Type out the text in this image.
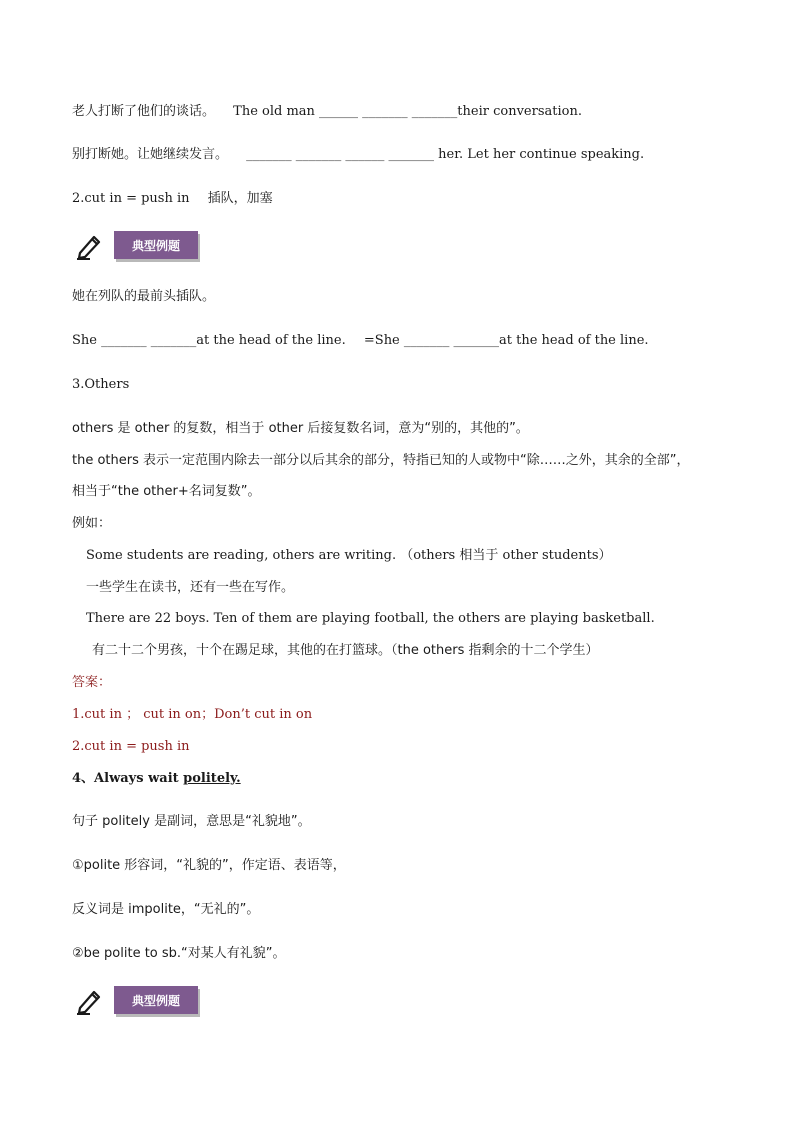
老人打断了他们的谈话。 The old man ______ _______ _______their conversation.
别打断她。让她继续发言。 _______ _______ ______ _______ her. Let her continue speaking.
2.cut in = push in 插队，加塞
典型例题
她在列队的最前头插队。
She _______ _______at the head of the line. =She _______ _______at the head of the line.
3.Others
others 是 other 的复数，相当于 other 后接复数名词，意为“别的，其他的”。
the others 表示一定范围内除去一部分以后其余的部分，特指已知的人或物中“除……之外，其余的全部”，
相当于“the other+名词复数”。
例如：
Some students are reading, others are writing. （others 相当于 other students）
一些学生在读书，还有一些在写作。
There are 22 boys. Ten of them are playing football, the others are playing basketball.
有二十二个男孩，十个在踢足球，其他的在打篮球。（the others 指剩余的十二个学生）
答案：
1.cut in ； cut in on；Don’t cut in on
2.cut in = push in
4、Always wait politely.
句子 politely 是副词，意思是“礼貌地”。
①polite 形容词，“礼貌的”，作定语、表语等，
反义词是 impolite，“无礼的”。
②be polite to sb.“对某人有礼貌”。
典型例题
